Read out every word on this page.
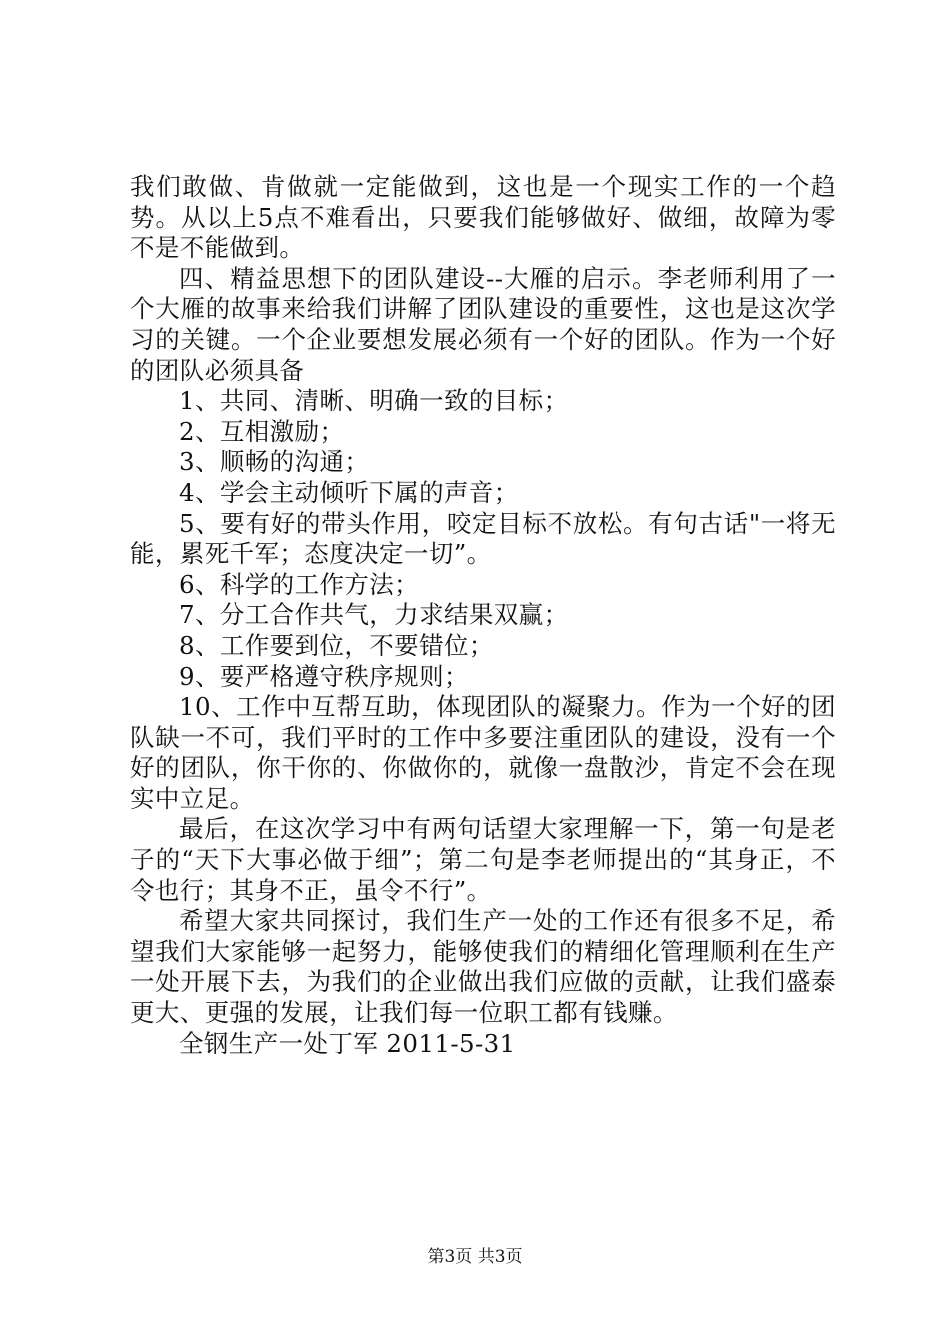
我们敢做、肯做就一定能做到，这也是一个现实工作的一个趋势。从以上5点不难看出，只要我们能够做好、做细，故障为零不是不能做到。

四、精益思想下的团队建设--大雁的启示。李老师利用了一个大雁的故事来给我们讲解了团队建设的重要性，这也是这次学习的关键。一个企业要想发展必须有一个好的团队。作为一个好的团队必须具备

1、共同、清晰、明确一致的目标；

2、互相激励；

3、顺畅的沟通；

4、学会主动倾听下属的声音；

5、要有好的带头作用，咬定目标不放松。有句古话"一将无能，累死千军；态度决定一切”。

6、科学的工作方法；

7、分工合作共气，力求结果双赢；

8、工作要到位，不要错位；

9、要严格遵守秩序规则；

10、工作中互帮互助，体现团队的凝聚力。作为一个好的团队缺一不可，我们平时的工作中多要注重团队的建设，没有一个好的团队，你干你的、你做你的，就像一盘散沙，肯定不会在现实中立足。

最后，在这次学习中有两句话望大家理解一下，第一句是老子的“天下大事必做于细”；第二句是李老师提出的“其身正，不令也行；其身不正，虽令不行”。

希望大家共同探讨，我们生产一处的工作还有很多不足，希望我们大家能够一起努力，能够使我们的精细化管理顺利在生产一处开展下去，为我们的企业做出我们应做的贡献，让我们盛泰更大、更强的发展，让我们每一位职工都有钱赚。

全钢生产一处丁军 2011-5-31

第3页 共3页
